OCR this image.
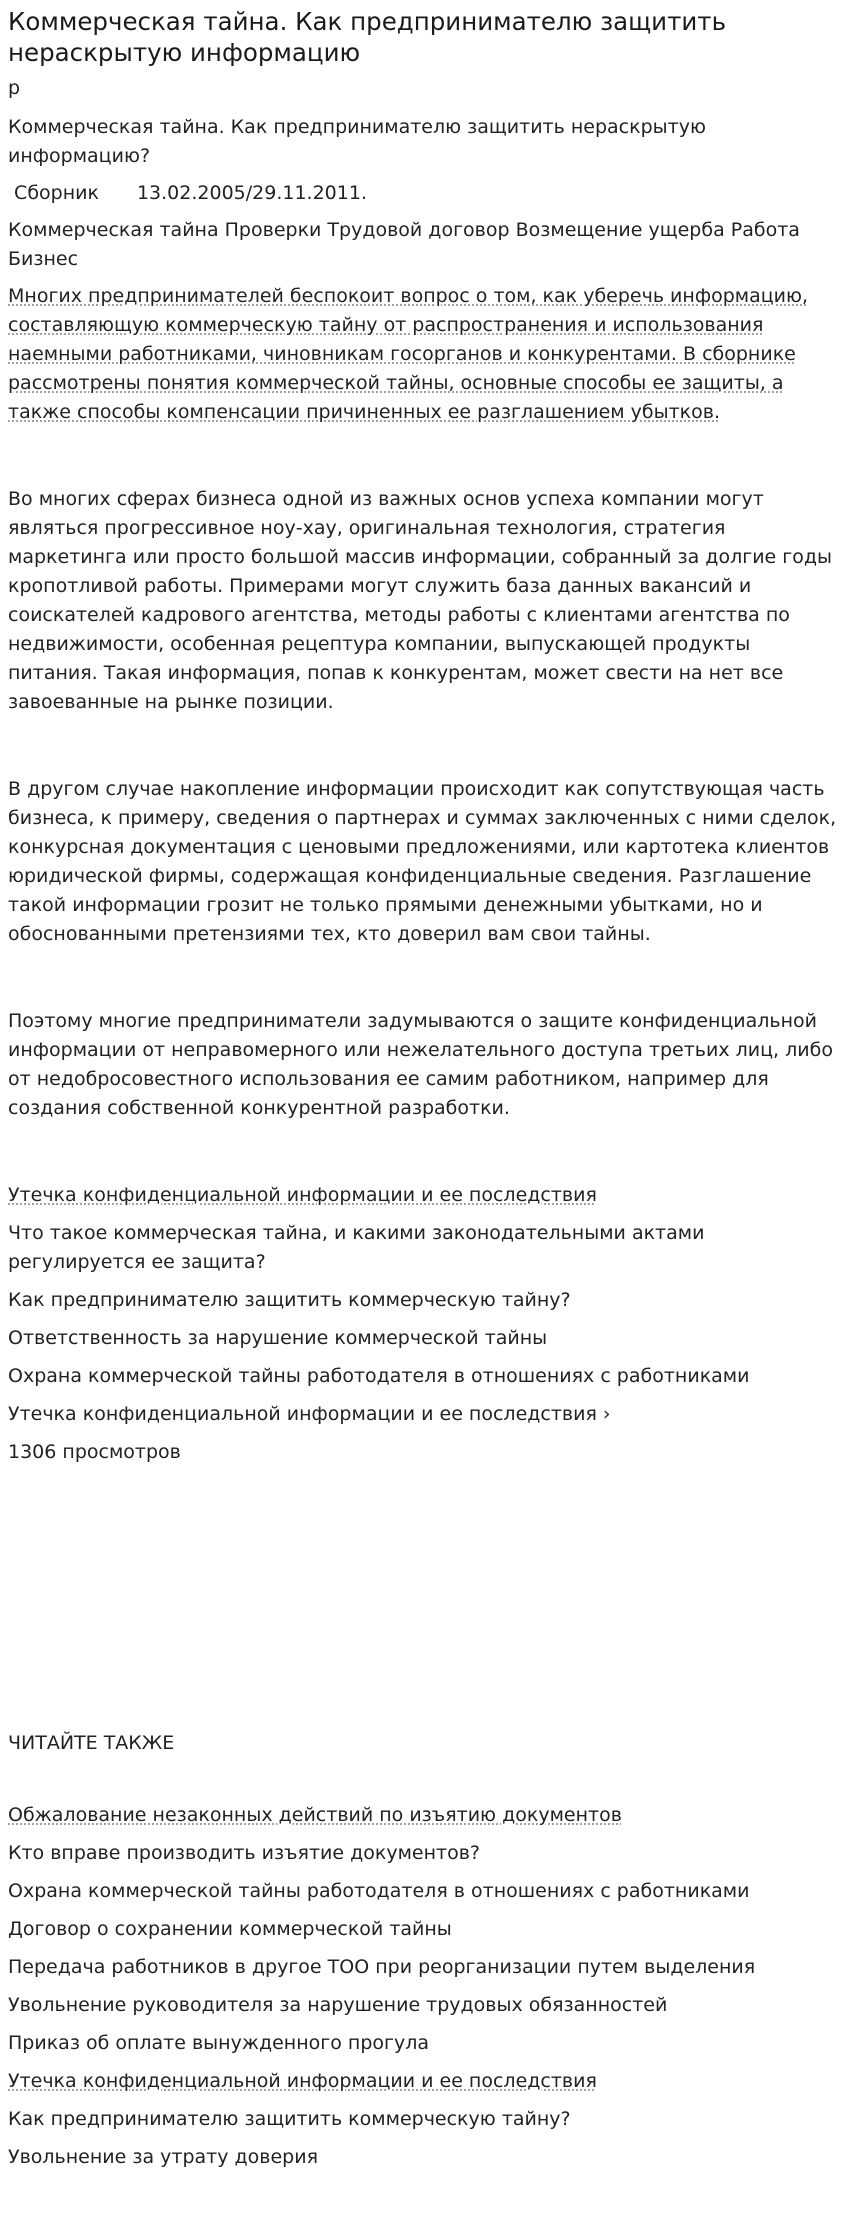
Коммерческая тайна. Как предпринимателю защитить нераскрытую информацию

p

Коммерческая тайна. Как предпринимателю защитить нераскрытую информацию?

Сборник 13.02.2005/29.11.2011.

Коммерческая тайна Проверки Трудовой договор Возмещение ущерба Работа Бизнес

Многих предпринимателей беспокоит вопрос о том, как уберечь информацию, составляющую коммерческую тайну от распространения и использования наемными работниками, чиновникам госорганов и конкурентами. В сборнике рассмотрены понятия коммерческой тайны, основные способы ее защиты, а также способы компенсации причиненных ее разглашением убытков.

Во многих сферах бизнеса одной из важных основ успеха компании могут являться прогрессивное ноу-хау, оригинальная технология, стратегия маркетинга или просто большой массив информации, собранный за долгие годы кропотливой работы. Примерами могут служить база данных вакансий и соискателей кадрового агентства, методы работы с клиентами агентства по недвижимости, особенная рецептура компании, выпускающей продукты питания. Такая информация, попав к конкурентам, может свести на нет все завоеванные на рынке позиции.

В другом случае накопление информации происходит как сопутствующая часть бизнеса, к примеру, сведения о партнерах и суммах заключенных с ними сделок, конкурсная документация с ценовыми предложениями, или картотека клиентов юридической фирмы, содержащая конфиденциальные сведения. Разглашение такой информации грозит не только прямыми денежными убытками, но и обоснованными претензиями тех, кто доверил вам свои тайны.

Поэтому многие предприниматели задумываются о защите конфиденциальной информации от неправомерного или нежелательного доступа третьих лиц, либо от недобросовестного использования ее самим работником, например для создания собственной конкурентной разработки.

Утечка конфиденциальной информации и ее последствия
Что такое коммерческая тайна, и какими законодательными актами регулируется ее защита?
Как предпринимателю защитить коммерческую тайну?
Ответственность за нарушение коммерческой тайны
Охрана коммерческой тайны работодателя в отношениях с работниками
Утечка конфиденциальной информации и ее последствия ›

1306 просмотров

ЧИТАЙТЕ ТАКЖЕ

Обжалование незаконных действий по изъятию документов
Кто вправе производить изъятие документов?
Охрана коммерческой тайны работодателя в отношениях с работниками
Договор о сохранении коммерческой тайны
Передача работников в другое ТОО при реорганизации путем выделения
Увольнение руководителя за нарушение трудовых обязанностей
Приказ об оплате вынужденного прогула
Утечка конфиденциальной информации и ее последствия
Как предпринимателю защитить коммерческую тайну?
Увольнение за утрату доверия
